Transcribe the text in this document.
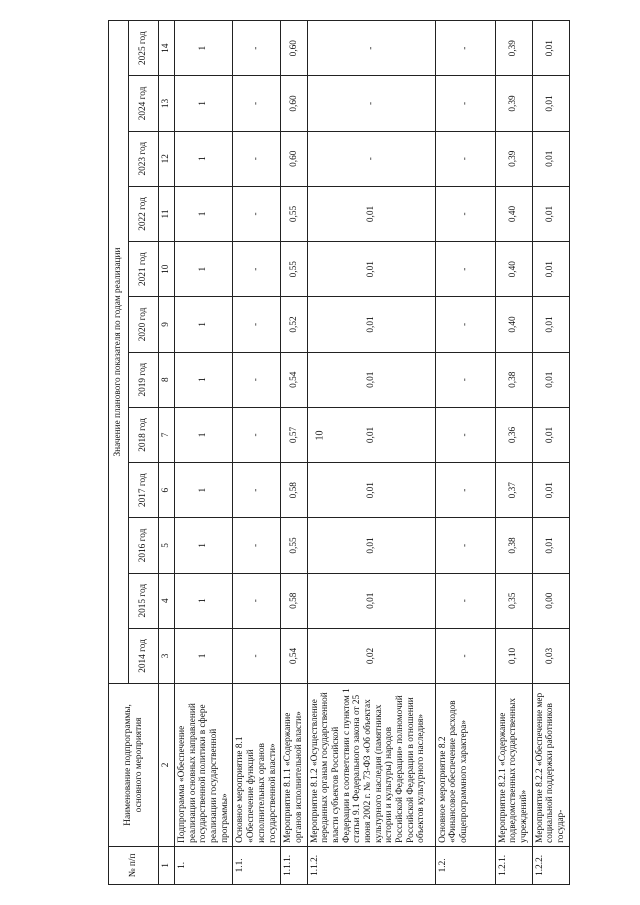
10
№ п/п	Наименование подпрограммы, основного мероприятия	Значение планового показателя по годам реализации											
		2014 год	2015 год	2016 год	2017 год	2018 год	2019 год	2020 год	2021 год	2022 год	2023 год	2024 год	2025 год
1	2	3	4	5	6	7	8	9	10	11	12	13	14
1.	Подпрограмма «Обеспечение реализации основных направлений государственной политики в сфере реализации государственной программы»	1	1	1	1	1	1	1	1	1	1	1	1
1.1.	Основное мероприятие 8.1 «Обеспечение функций исполнительных органов государственной власти»	-	-	-	-	-	-	-	-	-	-	-	-
1.1.1.	Мероприятие 8.1.1 «Содержание органов исполнительной власти»	0,54	0,58	0,55	0,58	0,57	0,54	0,52	0,55	0,55	0,60	0,60	0,60
1.1.2.	Мероприятие 8.1.2 «Осуществление переданных органам государственной власти субъектов Российской Федерации в соответствии с пунктом 1 статьи 9.1 Федерального закона от 25 июня 2002 г. № 73-ФЗ «Об объектах культурного наследия (памятниках истории и культуры) народов Российской Федерации» полномочий Российской Федерации в отношении объектов культурного наследия»	0,02	0,01	0,01	0,01	0,01	0,01	0,01	0,01	0,01	-	-	-
1.2.	Основное мероприятие 8.2 «Финансовое обеспечение расходов общепрограммного характера»	-	-	-	-	-	-	-	-	-	-	-	-
1.2.1.	Мероприятие 8.2.1 «Содержание подведомственных государственных учреждений»	0,10	0,35	0,38	0,37	0,36	0,38	0,40	0,40	0,40	0,39	0,39	0,39
1.2.2.	Мероприятие 8.2.2 «Обеспечение мер социальной поддержки работников государ-	0,03	0,00	0,01	0,01	0,01	0,01	0,01	0,01	0,01	0,01	0,01	0,01
